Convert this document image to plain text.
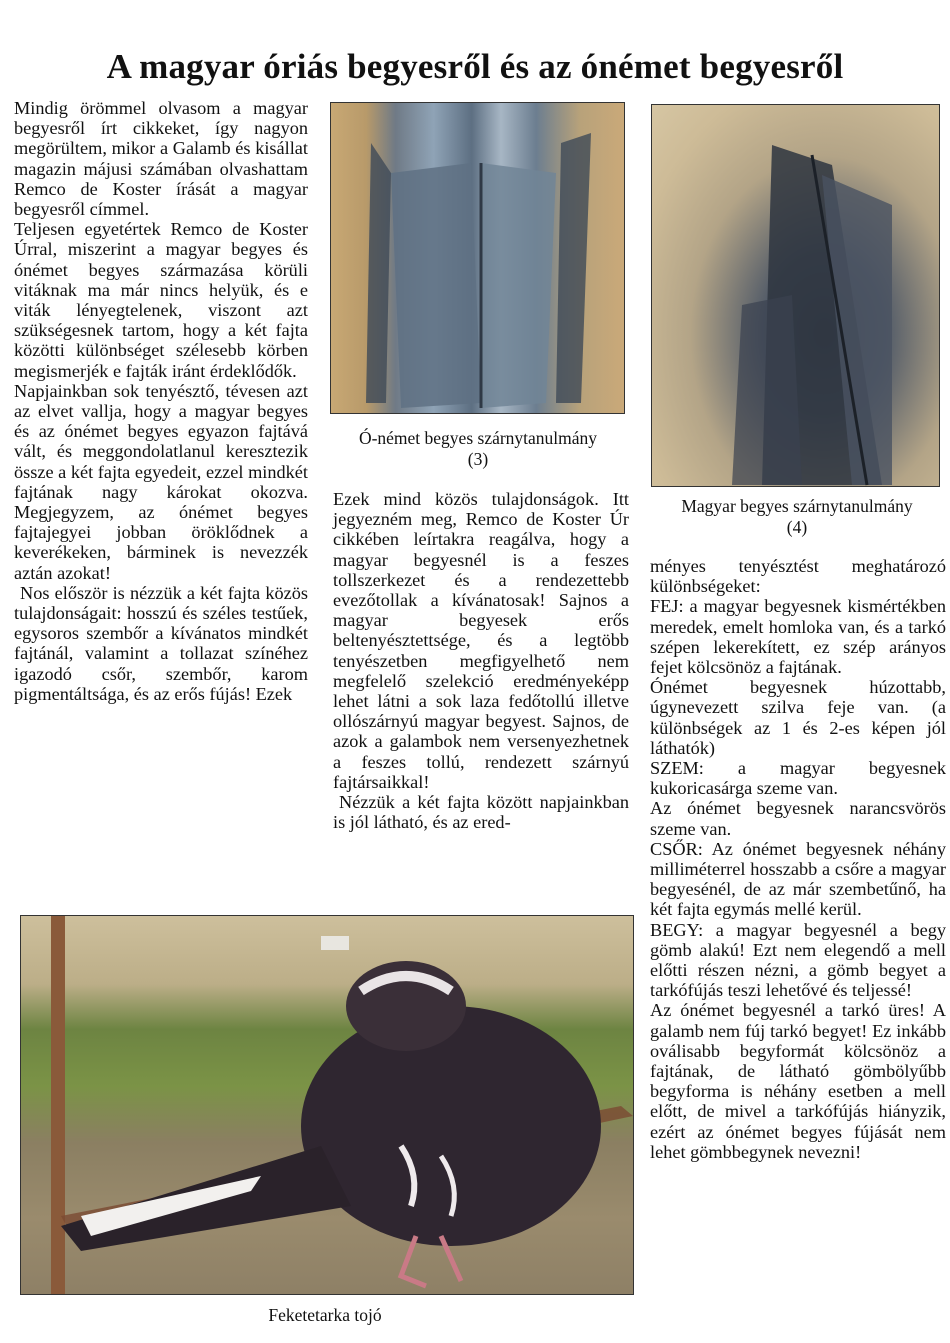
A magyar óriás begyesről és az ónémet begyesről

Mindig örömmel olvasom a magyar begyesről írt cikkeket, így nagyon megörültem, mikor a Galamb és kisállat magazin májusi számában olvashattam Remco de Koster írását a magyar begyesről címmel.

Teljesen egyetértek Remco de Koster Úrral, miszerint a magyar begyes és ónémet begyes származása körüli vitáknak ma már nincs helyük, és e viták lényegtelenek, viszont azt szükségesnek tartom, hogy a két fajta közötti különbséget szélesebb körben megismerjék e fajták iránt érdeklődők.

Napjainkban sok tenyésztő, tévesen azt az elvet vallja, hogy a magyar begyes és az ónémet begyes egyazon fajtává vált, és meggondolatlanul keresztezik össze a két fajta egyedeit, ezzel mindkét fajtának nagy károkat okozva. Megjegyzem, az ónémet begyes fajtajegyei jobban öröklődnek a keverékeken, bárminek is nevezzék aztán azokat!

Nos először is nézzük a két fajta közös tulajdonságait: hosszú és széles testűek, egysoros szembőr a kívánatos mindkét fajtánál, valamint a tollazat színéhez igazodó csőr, szembőr, karom pigmentáltsága, és az erős fújás! Ezek

Ó-német begyes szárnytanulmány
(3)
Magyar begyes szárnytanulmány
(4)

Ezek mind közös tulajdonságok. Itt jegyezném meg, Remco de Koster Úr cikkében leírtakra reagálva, hogy a magyar begyesnél is a feszes tollszerkezet és a rendezettebb evezőtollak a kívánatosak! Sajnos a magyar begyesek erős beltenyésztettsége, és a legtöbb tenyészetben megfigyelhető nem megfelelő szelekció eredményeképp lehet látni a sok laza fedőtollú illetve ollószárnyú magyar begyest. Sajnos, de azok a galambok nem versenyezhetnek a feszes tollú, rendezett szárnyú fajtársaikkal!

Nézzük a két fajta között napjainkban is jól látható, és az ered-

ményes tenyésztést meghatározó különbségeket:

FEJ: a magyar begyesnek kismértékben meredek, emelt homloka van, és a tarkó szépen lekerekített, ez szép arányos fejet kölcsönöz a fajtának.

Ónémet begyesnek húzottabb, úgynevezett szilva feje van. (a különbségek az 1 és 2-es képen jól láthatók)

SZEM: a magyar begyesnek kukoricasárga szeme van.

Az ónémet begyesnek narancsvörös szeme van.

CSŐR: Az ónémet begyesnek néhány milliméterrel hosszabb a csőre a magyar begyesénél, de az már szembetűnő, ha két fajta egymás mellé kerül.

BEGY: a magyar begyesnél a begy gömb alakú! Ezt nem elegendő a mell előtti részen nézni, a gömb begyet a tarkófújás teszi lehetővé és teljessé!

Az ónémet begyesnél a tarkó üres! A galamb nem fúj tarkó begyet! Ez inkább oválisabb begyformát kölcsönöz a fajtának, de látható gömbölyűbb begyforma is néhány esetben a mell előtt, de mivel a tarkófújás hiányzik, ezért az ónémet begyes fújását nem lehet gömbbegynek nevezni!

Feketetarka tojó
